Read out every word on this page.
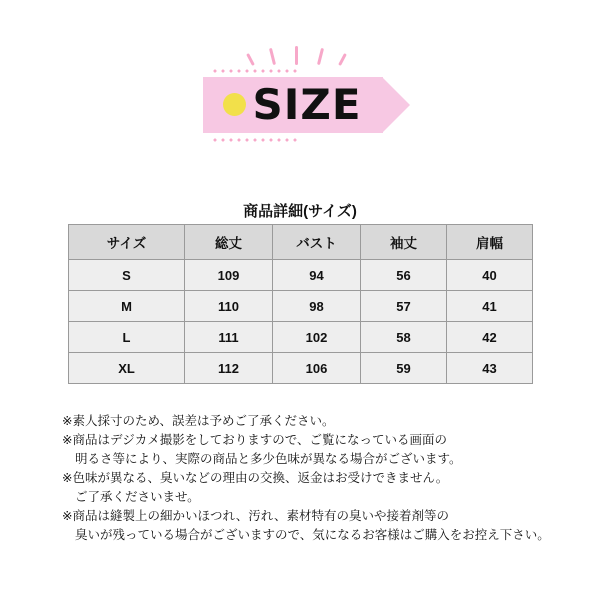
SIZE
商品詳細(サイズ)
サイズ	総丈	バスト	袖丈	肩幅
S	109	94	56	40
M	110	98	57	41
L	111	102	58	42
XL	112	106	59	43
※素人採寸のため、誤差は予めご了承ください。
※商品はデジカメ撮影をしておりますので、ご覧になっている画面の
明るさ等により、実際の商品と多少色味が異なる場合がございます。
※色味が異なる、臭いなどの理由の交換、返金はお受けできません。
ご了承くださいませ。
※商品は縫製上の細かいほつれ、汚れ、素材特有の臭いや接着剤等の
臭いが残っている場合がございますので、気になるお客様はご購入をお控え下さい。
